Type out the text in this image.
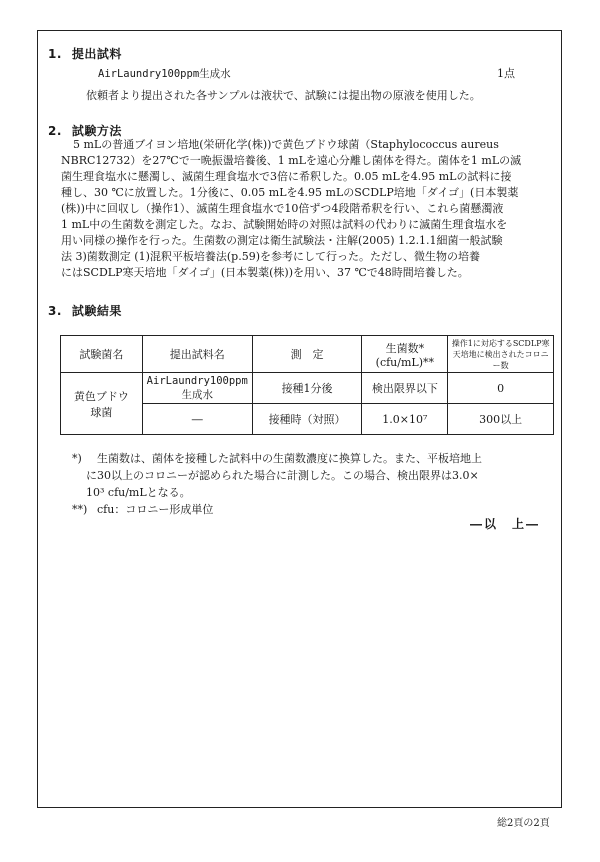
1. 提出試料
AirLaundry100ppm生成水	1点
依頼者より提出された各サンプルは液状で、試験には提出物の原液を使用した。
2. 試験方法
5 mLの普通ブイヨン培地(栄研化学(株))で黄色ブドウ球菌（Staphylococcus aureus
NBRC12732）を27℃で一晩振盪培養後、1 mLを遠心分離し菌体を得た。菌体を1 mLの滅
菌生理食塩水に懸濁し、滅菌生理食塩水で3倍に希釈した。0.05 mLを4.95 mLの試料に接
種し、30 ℃に放置した。1分後に、0.05 mLを4.95 mLのSCDLP培地「ダイゴ」(日本製薬
(株))中に回収し（操作1）、滅菌生理食塩水で10倍ずつ4段階希釈を行い、これら菌懸濁液
1 mL中の生菌数を測定した。なお、試験開始時の対照は試料の代わりに滅菌生理食塩水を
用い同様の操作を行った。生菌数の測定は衛生試験法・注解(2005) 1.2.1.1細菌一般試験
法 3)菌数測定 (1)混釈平板培養法(p.59)を参考にして行った。ただし、微生物の培養
にはSCDLP寒天培地「ダイゴ」(日本製薬(株))を用い、37 ℃で48時間培養した。
3. 試験結果
試験菌名	提出試料名	測　定	生菌数*
(cfu/mL)**	操作1に対応するSCDLP寒天培地に検出されたコロニー数
黄色ブドウ球菌	AirLaundry100ppm生成水	接種1分後	検出限界以下	0
	―	接種時（対照）	1.0×10⁷	300以上
*) 生菌数は、菌体を接種した試料中の生菌数濃度に換算した。また、平板培地上
に30以上のコロニーが認められた場合に計測した。この場合、検出限界は3.0×
10³ cfu/mLとなる。
**) cfu：コロニー形成単位
―以　上―
総2頁の2頁
